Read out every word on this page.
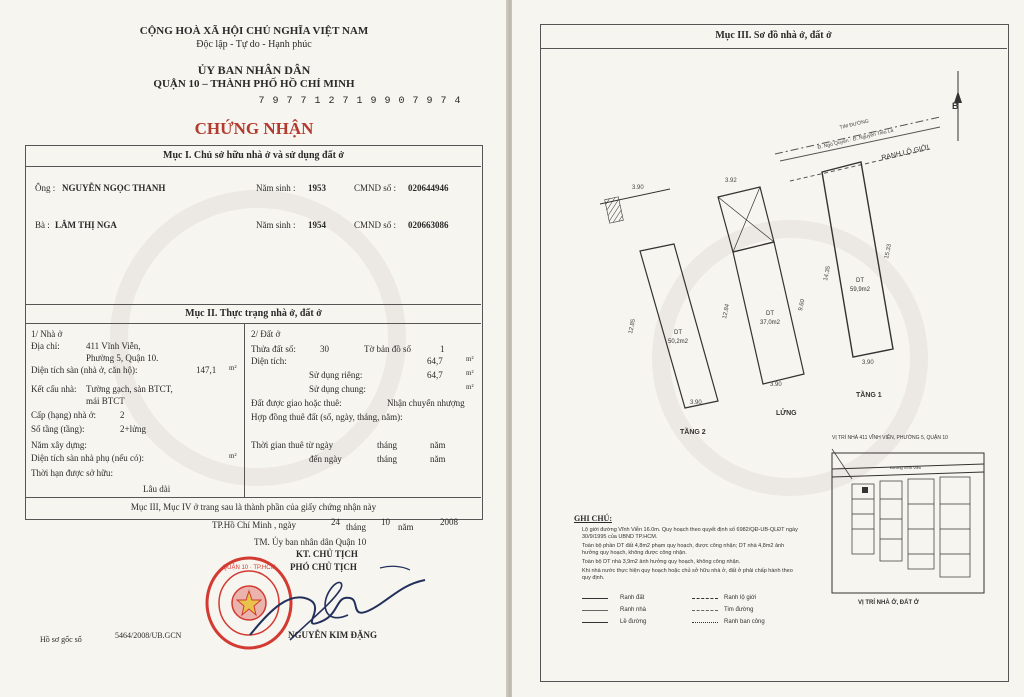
CỘNG HOÀ XÃ HỘI CHỦ NGHĨA VIỆT NAM
Độc lập - Tự do - Hạnh phúc
ỦY BAN NHÂN DÂN
QUẬN 10 – THÀNH PHỐ HỒ CHÍ MINH
7 9 7 7 1 2 7 1 9 9 0 7 9 7 4
CHỨNG NHẬN
Mục I. Chủ sở hữu nhà ở và sử dụng đất ở
Ông : NGUYỄN NGỌC THANH	Năm sinh : 1953	CMND số : 020644946
Bà : LÂM THỊ NGA	Năm sinh : 1954	CMND số : 020663086
Mục II. Thực trạng nhà ở, đất ở
1/ Nhà ở
Địa chỉ:	411 Vĩnh Viễn,
Phường 5, Quận 10.
Diện tích sàn (nhà ở, căn hộ):	147,1 m²
Kết cấu nhà: Tường gạch, sàn BTCT,
mái BTCT
Cấp (hạng) nhà ở:	2
Số tầng (tầng):	2+lửng
Năm xây dựng:
Diện tích sàn nhà phụ (nếu có):	m²
Thời hạn được sở hữu:
Lâu dài
2/ Đất ở
Thửa đất số:	30	Tờ bản đồ số	1
Diện tích:	64,7	m²
Sử dụng riêng:	64,7	m²
Sử dụng chung:	m²
Đất được giao hoặc thuê:	Nhận chuyển nhượng
Hợp đồng thuê đất (số, ngày, tháng, năm):
Thời gian thuê từ ngày	tháng	năm
đến ngày	tháng	năm
Mục III, Mục IV ở trang sau là thành phần của giấy chứng nhận này
TP.Hồ Chí Minh , ngày	24 tháng 10 năm	2008
TM. Ủy ban nhân dân Quận 10
KT. CHỦ TỊCH
PHÓ CHỦ TỊCH
QUẬN 10 · TP.HCM
NGUYỄN KIM ĐẶNG
Hồ sơ gốc số	5464/2008/UB.GCN
Mục III. Sơ đồ nhà ở, đất ở
B
TIM ĐƯỜNG
Đ. Ngô Quyền · Đ. Nguyễn Tiểu La
RANH LỘ GIỚI
DT
50,2m2
3.90
12.85
3.90
TẦNG 2
DT
37,0m2
3.92
12.84	9.60
3.90
LỬNG
DT
59,9m2
14.35
15.33
3.90
TẦNG 1
VỊ TRÍ NHÀ 411 VĨNH VIỄN, PHƯỜNG 5, QUẬN 10
Đường Vĩnh Viễn
VỊ TRÍ NHÀ Ở, ĐẤT Ở
GHI CHÚ:
Lộ giới đường Vĩnh Viễn 16.0m. Quy hoạch theo quyết định số 6982/QĐ-UB-QLĐT ngày 30/9/1995 của UBND TP.HCM.
Toàn bộ phần DT đất 4,8m2 phạm quy hoạch, được công nhận; DT nhà 4,8m2 ảnh hưởng quy hoạch, không được công nhận.
Toàn bộ DT nhà 3,9m2 ảnh hưởng quy hoạch, không công nhận.
Khi nhà nước thực hiện quy hoạch hoặc chủ sở hữu nhà ở, đất ở phải chấp hành theo quy định.
Ranh đất	Ranh lộ giới
Ranh nhà	Tim đường
Lề đường	Ranh ban công
